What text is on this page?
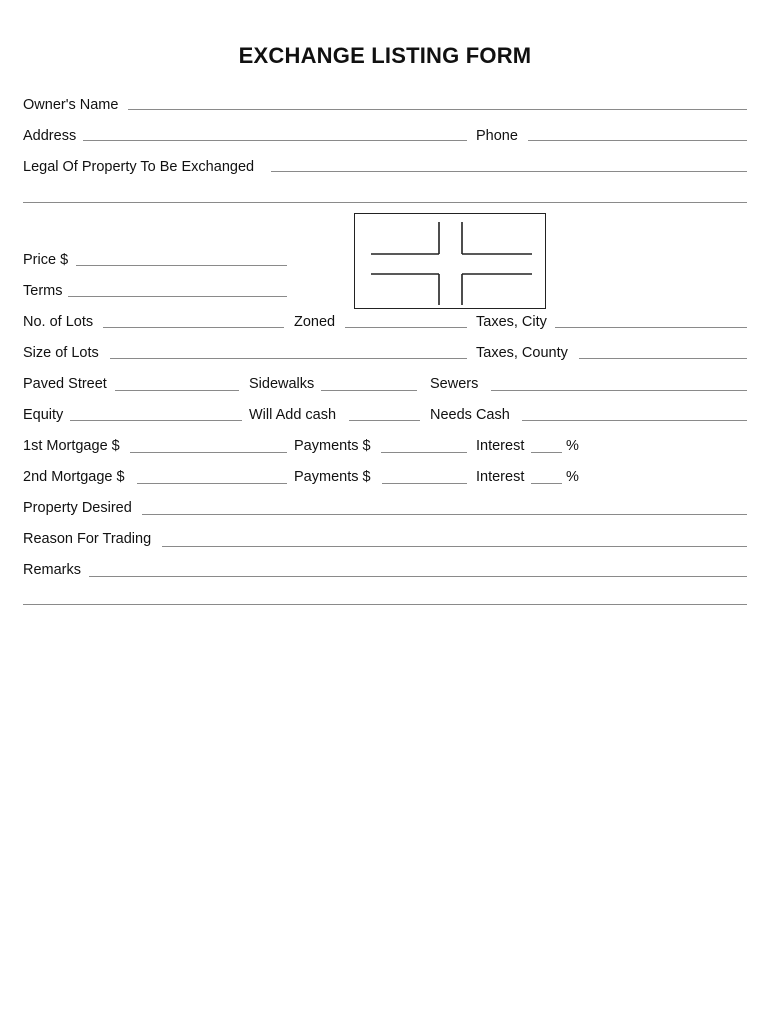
EXCHANGE LISTING FORM
Owner's Name
Address	Phone
Legal Of Property To Be Exchanged
Price $
Terms
No. of Lots	Zoned	Taxes, City
Size of Lots	Taxes, County
Paved Street	Sidewalks	Sewers
Equity	Will Add cash	Needs Cash
1st Mortgage $	Payments $	Interest	%
2nd Mortgage $	Payments $	Interest	%
Property Desired
Reason For Trading
Remarks
